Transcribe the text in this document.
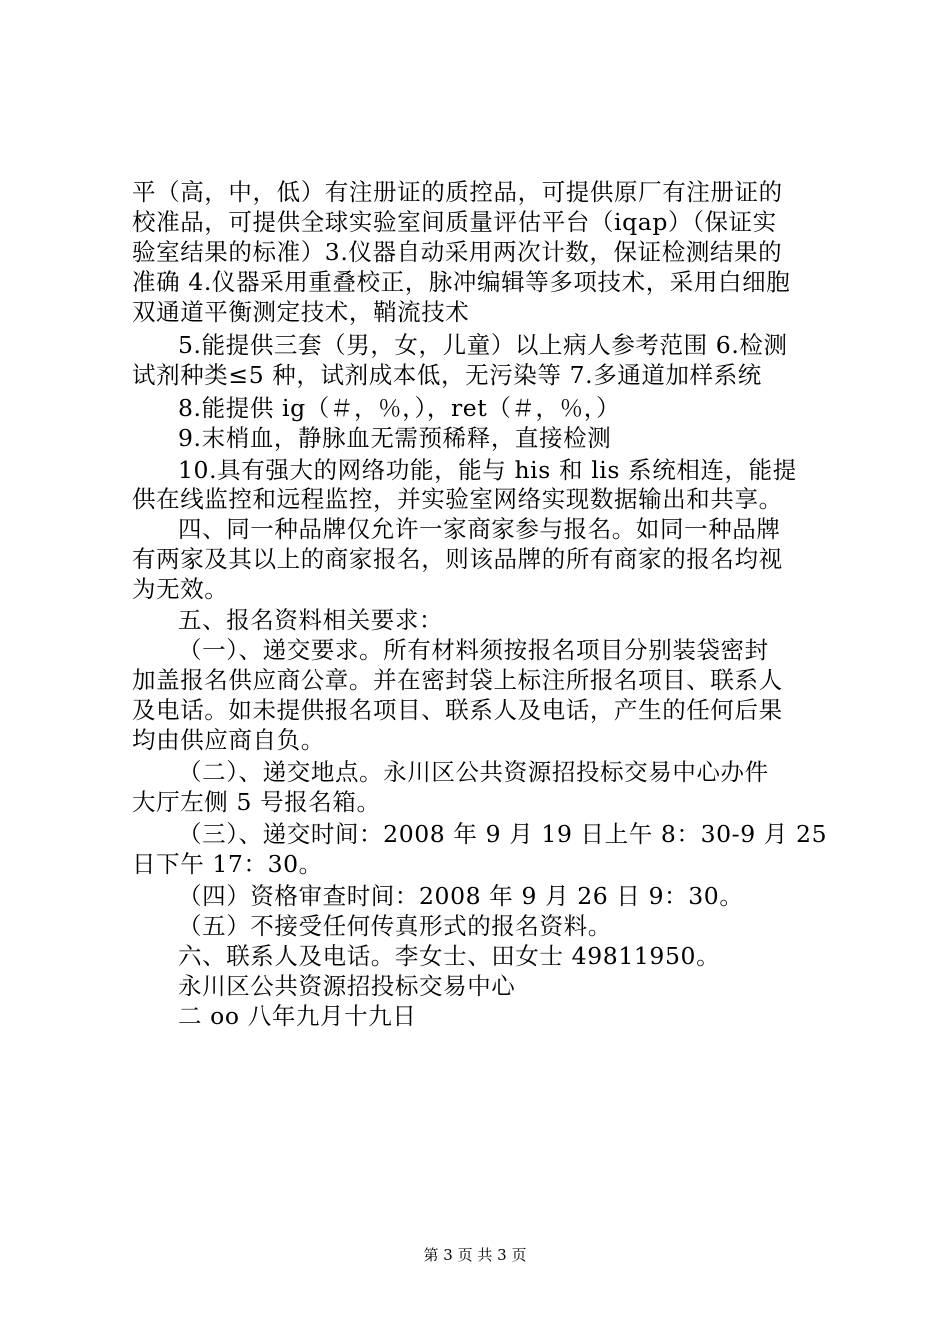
平（高，中，低）有注册证的质控品，可提供原厂有注册证的
校准品，可提供全球实验室间质量评估平台（iqap）（保证实
验室结果的标准）3.仪器自动采用两次计数，保证检测结果的
准确 4.仪器采用重叠校正，脉冲编辑等多项技术，采用白细胞
双通道平衡测定技术，鞘流技术
5.能提供三套（男，女，儿童）以上病人参考范围 6.检测
试剂种类≤5 种，试剂成本低，无污染等 7.多通道加样系统
8.能提供 ig（＃，％，），ret（＃，％，）
9.末梢血，静脉血无需预稀释，直接检测
10.具有强大的网络功能，能与 his 和 lis 系统相连，能提
供在线监控和远程监控，并实验室网络实现数据输出和共享。
四、同一种品牌仅允许一家商家参与报名。如同一种品牌
有两家及其以上的商家报名，则该品牌的所有商家的报名均视
为无效。
五、报名资料相关要求：
（一）、递交要求。所有材料须按报名项目分别装袋密封
加盖报名供应商公章。并在密封袋上标注所报名项目、联系人
及电话。如未提供报名项目、联系人及电话，产生的任何后果
均由供应商自负。
（二）、递交地点。永川区公共资源招投标交易中心办件
大厅左侧 5 号报名箱。
（三）、递交时间：2008 年 9 月 19 日上午 8：30-9 月 25
日下午 17：30。
（四）资格审查时间：2008 年 9 月 26 日 9：30。
（五）不接受任何传真形式的报名资料。
六、联系人及电话。李女士、田女士 49811950。
永川区公共资源招投标交易中心
二 oo 八年九月十九日
第 3 页 共 3 页
